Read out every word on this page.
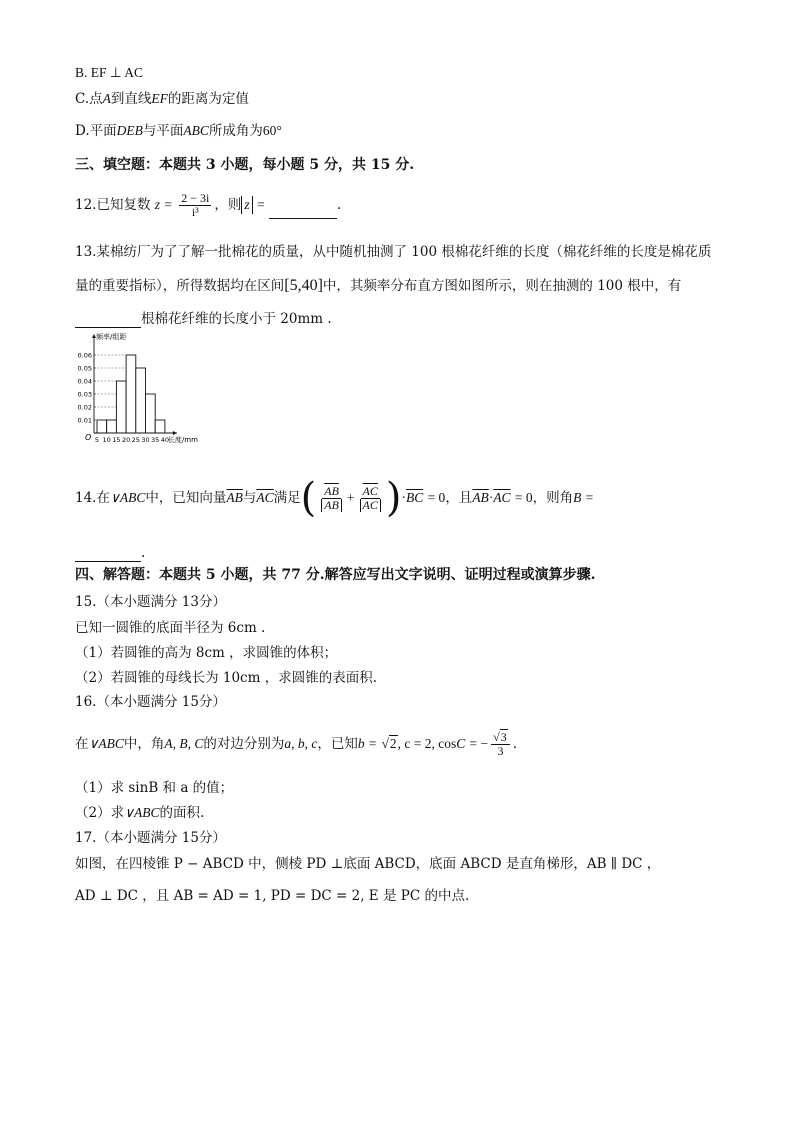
B. EF ⊥ AC
C.点A到直线EF的距离为定值
D.平面DEB与平面ABC所成角为60°
三、填空题：本题共 3 小题，每小题 5 分，共 15 分.
12.已知复数 $z = \frac{2 - 3i}{\text{i³}}$ ，则 z =	.
13.某棉纺厂为了了解一批棉花的质量，从中随机抽测了 100 根棉花纤维的长度（棉花纤维的长度是棉花质
量的重要指标），所得数据均在区间[5,40]中，其频率分布直方图如图所示，则在抽测的 100 根中，有
根棉花纤维的长度小于 20mm .
0.01
0.02
0.03
0.04
0.05
0.06
5 10 15 20 25 30 35 40
O
频率/组距
长度/mm
14.在 ∨ABC 中，已知向量 $\overline{AB}$ 与 $\overline{AC}$ 满足 ( $\frac{\overline{AB}}{AB} + \frac{\overline{AC}}{AC}$ ) · $\overline{BC}$
= 0 ，且 $\overline{AB} \cdot \overline{AC}$
= 0 ，则角 B
=
.
四、解答题：本题共 5 小题，共 77 分.解答应写出文字说明、证明过程或演算步骤.
15.（本小题满分 13分）
已知一圆锥的底面半径为 6cm .
（1）若圆锥的高为 8cm ，求圆锥的体积；
（2）若圆锥的母线长为 10cm ，求圆锥的表面积.
16.（本小题满分 15分）
在 ∨ABC 中，角 A, B, C 的对边分别为 a, b, c ，已知 b =
√2 , c = 2, cos C
= − $\frac{√3}{3}$ .
（1）求 sinB 和 a 的值；
（2）求∨ABC的面积.
17.（本小题满分 15分）
如图，在四棱锥 P − ABCD 中，侧棱 PD ⊥底面 ABCD，底面 ABCD 是直角梯形，AB ∥ DC ，
AD ⊥ DC ，且 AB = AD = 1, PD = DC = 2, E 是 PC 的中点.
